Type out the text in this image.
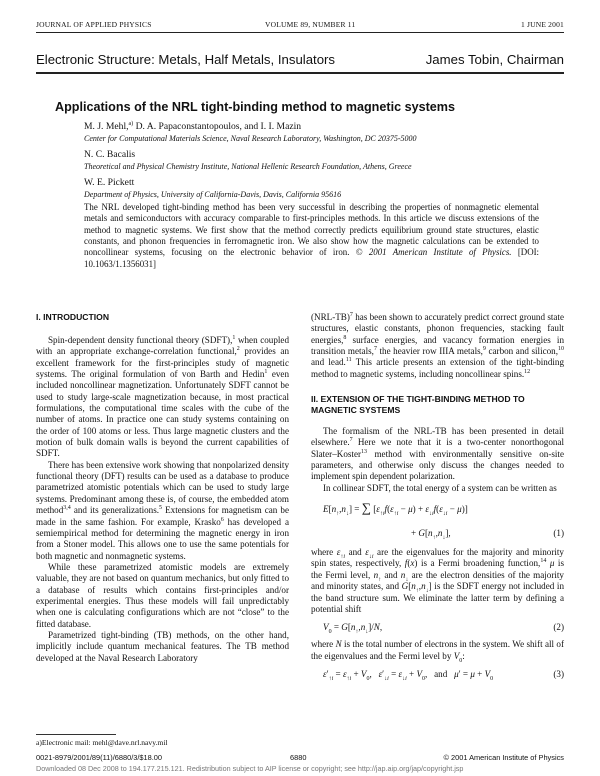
JOURNAL OF APPLIED PHYSICS	VOLUME 89, NUMBER 11	1 JUNE 2001
Electronic Structure: Metals, Half Metals, Insulators	James Tobin, Chairman
Applications of the NRL tight-binding method to magnetic systems
M. J. Mehl,$^{a)}$ D. A. Papaconstantopoulos, and I. I. Mazin
Center for Computational Materials Science, Naval Research Laboratory, Washington, DC 20375-5000
N. C. Bacalis
Theoretical and Physical Chemistry Institute, National Hellenic Research Foundation, Athens, Greece
W. E. Pickett
Department of Physics, University of California-Davis, Davis, California 95616
The NRL developed tight-binding method has been very successful in describing the properties of nonmagnetic elemental metals and semiconductors with accuracy comparable to first-principles methods. In this article we discuss extensions of the method to magnetic systems. We first show that the method correctly predicts equilibrium ground state structures, elastic constants, and phonon frequencies in ferromagnetic iron. We also show how the magnetic calculations can be extended to noncollinear systems, focusing on the electronic behavior of iron. © 2001 American Institute of Physics. [DOI: 10.1063/1.1356031]

I. INTRODUCTION

Spin-dependent density functional theory (SDFT),$^1$ when coupled with an appropriate exchange-correlation functional,$^2$ provides an excellent framework for the first-principles study of magnetic systems. The original formulation of von Barth and Hedin$^1$ even included noncollinear magnetization. Unfortunately SDFT cannot be used to study large-scale magnetization because, in most practical formulations, the computational time scales with the cube of the number of atoms. In practice one can study systems containing on the order of 100 atoms or less. Thus large magnetic clusters and the motion of bulk domain walls is beyond the current capabilities of SDFT.

There has been extensive work showing that nonpolarized density functional theory (DFT) results can be used as a database to produce parametrized atomistic potentials which can be used to study large systems. Predominant among these is, of course, the embedded atom method$^{3,4}$ and its generalizations.$^5$ Extensions for magnetism can be made in the same fashion. For example, Krasko$^6$ has developed a semiempirical method for determining the magnetic energy in iron from a Stoner model. This allows one to use the same potentials for both magnetic and nonmagnetic systems.

While these parametrized atomistic models are extremely valuable, they are not based on quantum mechanics, but only fitted to a database of results which contains first-principles and/or experimental energies. Thus these models will fail unpredictably when one is calculating configurations which are not “close” to the fitted database.

Parametrized tight-binding (TB) methods, on the other hand, implicitly include quantum mechanical features. The TB method developed at the Naval Research Laboratory

a)Electronic mail: mehl@dave.nrl.navy.mil

$(NRL-TB)^7$ has been shown to accurately predict correct ground state structures, elastic constants, phonon frequencies, stacking fault energies,$^8$ surface energies, and vacancy formation energies in transition metals,$^7$ the heavier row IIIA metals,$^9$ carbon and silicon,$^{10}$ and lead.$^{11}$ This article presents an extension of the tight-binding method to magnetic systems, including noncollinear spins.$^{12}$

II. EXTENSION OF THE TIGHT-BINDING METHOD TO
MAGNETIC SYSTEMS

The formalism of the NRL-TB has been presented in detail elsewhere.$^7$ Here we note that it is a two-center nonorthogonal Slater–Koster$^{13}$ method with environmentally sensitive on-site parameters, and otherwise only discuss the changes needed to implement spin dependent polarization.

In collinear SDFT, the total energy of a system can be written as

$E[n_↑,n_↓]$ = ∑ $[\varepsilon_{↑i}f(\varepsilon_{↑i} - \mu) + \varepsilon_{↓i}f(\varepsilon_{↓i} - \mu)]$
+ $G[n_↑,n_↓]$,	(1)

where $\varepsilon_{↑i}$ and $\varepsilon_{↓i}$ are the eigenvalues for the majority and minority spin states, respectively, f(x) is a Fermi broadening function,$^{14}$ μ is the Fermi level, $n_↑$ and $n_↓$ are the electron densities of the majority and minority states, and $G[n_↑,n_↓]$ is the SDFT energy not included in the band structure sum. We eliminate the latter term by defining a potential shift

$V_0 = G[n_↑,n_↓]/N$,	(2)

where N is the total number of electrons in the system. We shift all of the eigenvalues and the Fermi level by $V_0$:

$\varepsilon'_{↑i} = \varepsilon_{↑i} + V_0$,   $\varepsilon'_{↓i} = \varepsilon_{↓i} + V_0$,   and   $\mu' = \mu + V_0$	(3)
0021-8979/2001/89(11)/6880/3/$18.00	6880	© 2001 American Institute of Physics
Downloaded 08 Dec 2008 to 194.177.215.121. Redistribution subject to AIP license or copyright; see http://jap.aip.org/jap/copyright.jsp
